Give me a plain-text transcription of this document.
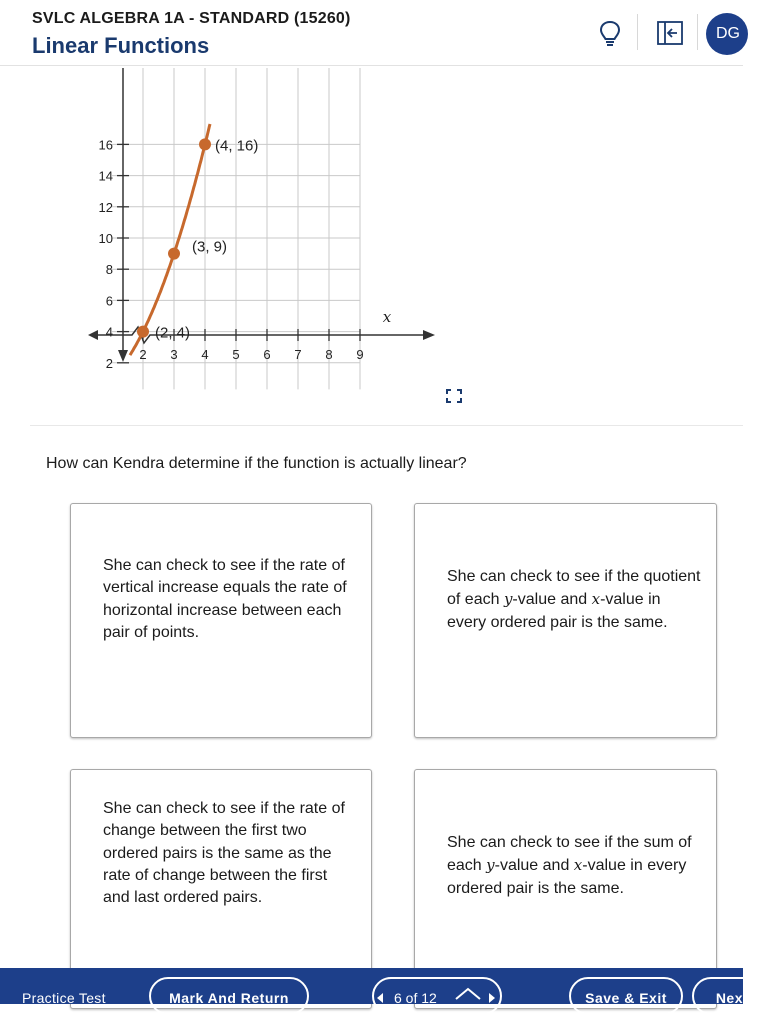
SVLC ALGEBRA 1A - STANDARD (15260)
Linear Functions	DG
2
4
6
8
10
12
14
16
2 3 4 5 6 7 8 9
x
(2, 4)
(3, 9)
(4, 16)
How can Kendra determine if the function is actually linear?
She can check to see if the rate of vertical increase equals the rate of horizontal increase between each pair of points.
She can check to see if the quotient of each y-value and x-value in every ordered pair is the same.
She can check to see if the rate of change between the first two ordered pairs is the same as the rate of change between the first and last ordered pairs.
She can check to see if the sum of each y-value and x-value in every ordered pair is the same.
Practice Test	Mark And Return	6 of 12	Save & Exit	Next
